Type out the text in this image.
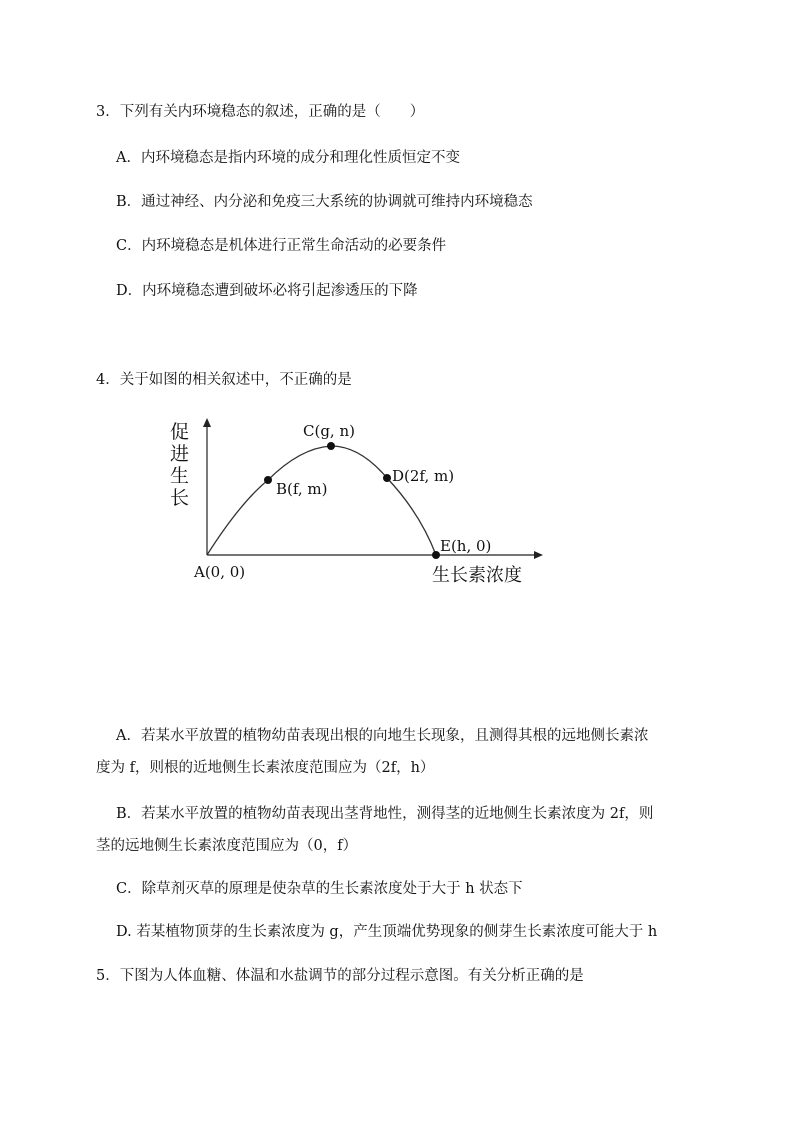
3．下列有关内环境稳态的叙述，正确的是（　　）
A．内环境稳态是指内环境的成分和理化性质恒定不变
B．通过神经、内分泌和免疫三大系统的协调就可维持内环境稳态
C．内环境稳态是机体进行正常生命活动的必要条件
D．内环境稳态遭到破坏必将引起渗透压的下降
4．关于如图的相关叙述中，不正确的是
促
进
生
长
生长素浓度
A(0, 0)
B(f, m)
C(g, n)
D(2f, m)
E(h, 0)
A．若某水平放置的植物幼苗表现出根的向地生长现象，且测得其根的远地侧长素浓
度为 f，则根的近地侧生长素浓度范围应为（2f，h）
B．若某水平放置的植物幼苗表现出茎背地性，测得茎的近地侧生长素浓度为 2f，则
茎的远地侧生长素浓度范围应为（0，f）
C．除草剂灭草的原理是使杂草的生长素浓度处于大于 h 状态下
D. 若某植物顶芽的生长素浓度为 g，产生顶端优势现象的侧芽生长素浓度可能大于 h
5．下图为人体血糖、体温和水盐调节的部分过程示意图。有关分析正确的是
